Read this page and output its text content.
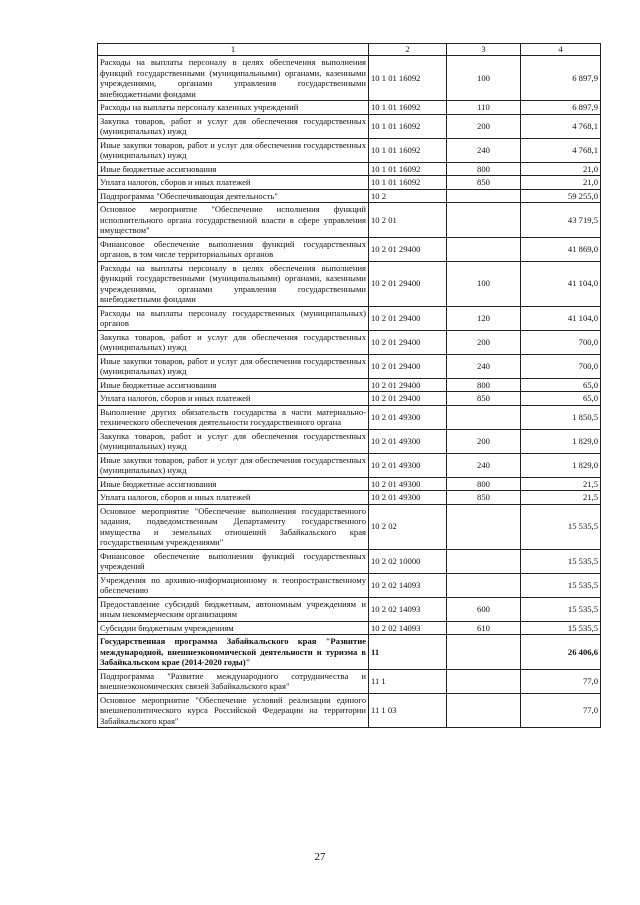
1	2	3	4
Расходы на выплаты персоналу в целях обеспечения выполнения функций государственными (муниципальными) органами, казенными учреждениями, органами управления государственными внебюджетными фондами	10 1 01 16092	100	6 897,9
Расходы на выплаты персоналу казенных учреждений	10 1 01 16092	110	6 897,9
Закупка товаров, работ и услуг для обеспечения государственных (муниципальных) нужд	10 1 01 16092	200	4 768,1
Иные закупки товаров, работ и услуг для обеспечения государственных (муниципальных) нужд	10 1 01 16092	240	4 768,1
Иные бюджетные ассигнования	10 1 01 16092	800	21,0
Уплата налогов, сборов и иных платежей	10 1 01 16092	850	21,0
Подпрограмма "Обеспечивающая деятельность"	10 2		59 255,0
Основное мероприятие "Обеспечение исполнения функций исполнительного органа государственной власти в сфере управления имуществом"	10 2 01		43 719,5
Финансовое обеспечение выполнения функций государственных органов, в том числе территориальных органов	10 2 01 29400		41 869,0
Расходы на выплаты персоналу в целях обеспечения выполнения функций государственными (муниципальными) органами, казенными учреждениями, органами управления государственными внебюджетными фондами	10 2 01 29400	100	41 104,0
Расходы на выплаты персоналу государственных (муниципальных) органов	10 2 01 29400	120	41 104,0
Закупка товаров, работ и услуг для обеспечения государственных (муниципальных) нужд	10 2 01 29400	200	700,0
Иные закупки товаров, работ и услуг для обеспечения государственных (муниципальных) нужд	10 2 01 29400	240	700,0
Иные бюджетные ассигнования	10 2 01 29400	800	65,0
Уплата налогов, сборов и иных платежей	10 2 01 29400	850	65,0
Выполнение других обязательств государства в части материально-технического обеспечения деятельности государственного органа	10 2 01 49300		1 850,5
Закупка товаров, работ и услуг для обеспечения государственных (муниципальных) нужд	10 2 01 49300	200	1 829,0
Иные закупки товаров, работ и услуг для обеспечения государственных (муниципальных) нужд	10 2 01 49300	240	1 829,0
Иные бюджетные ассигнования	10 2 01 49300	800	21,5
Уплата налогов, сборов и иных платежей	10 2 01 49300	850	21,5
Основное мероприятие "Обеспечение выполнения государственного задания, подведомственным Департаменту государственного имущества и земельных отношений Забайкальского края государственным учреждениями"	10 2 02		15 535,5
Финансовое обеспечение выполнения функций государственных учреждений	10 2 02 10000		15 535,5
Учреждения по архивно-информационному и геопространственному обеспечению	10 2 02 14093		15 535,5
Предоставление субсидий бюджетным, автономным учреждениям и иным некоммерческим организациям	10 2 02 14093	600	15 535,5
Субсидии бюджетным учреждениям	10 2 02 14093	610	15 535,5
Государственная программа Забайкальского края "Развитие международной, внешнеэкономической деятельности и туризма в Забайкальском крае (2014-2020 годы)"	11		26 406,6
Подпрограмма "Развитие международного сотрудничества и внешнеэкономических связей Забайкальского края"	11 1		77,0
Основное мероприятие "Обеспечение условий реализации единого внешнеполитического курса Российской Федерации на территории Забайкальского края"	11 1 03		77,0
27
